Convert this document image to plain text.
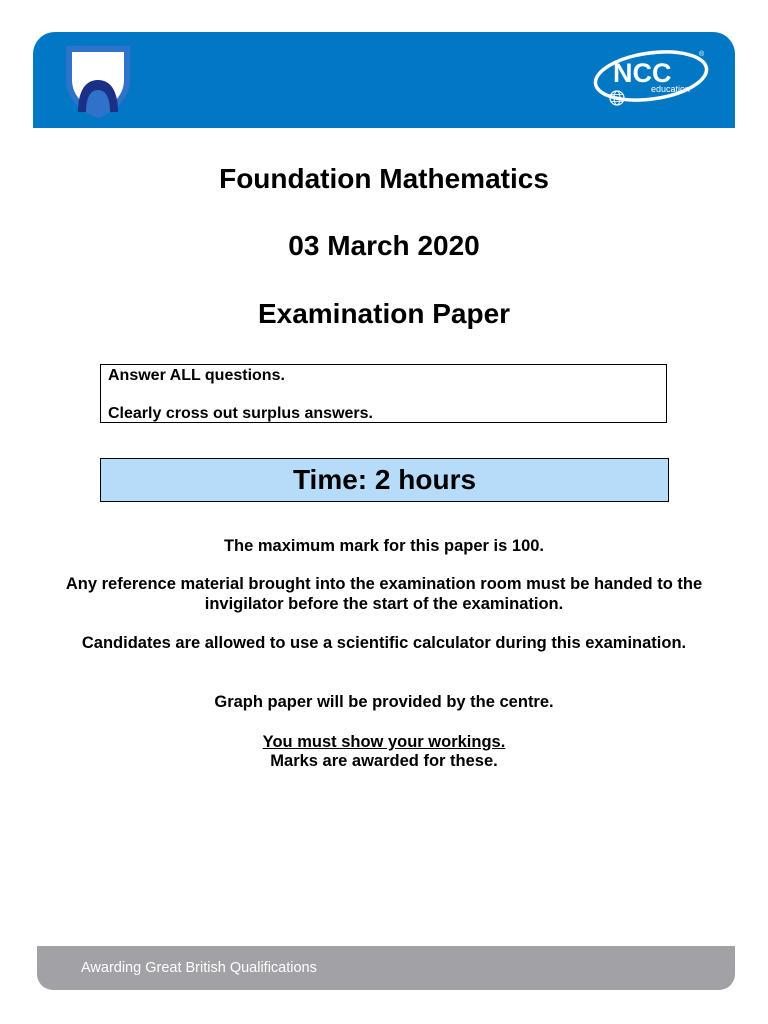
NCC
education
®
Foundation Mathematics
03 March 2020
Examination Paper
Answer ALL questions.
Clearly cross out surplus answers.
Time: 2 hours
The maximum mark for this paper is 100.
Any reference material brought into the examination room must be handed to the invigilator before the start of the examination.
Candidates are allowed to use a scientific calculator during this examination.
Graph paper will be provided by the centre.
You must show your workings.
Marks are awarded for these.
Awarding Great British Qualifications
